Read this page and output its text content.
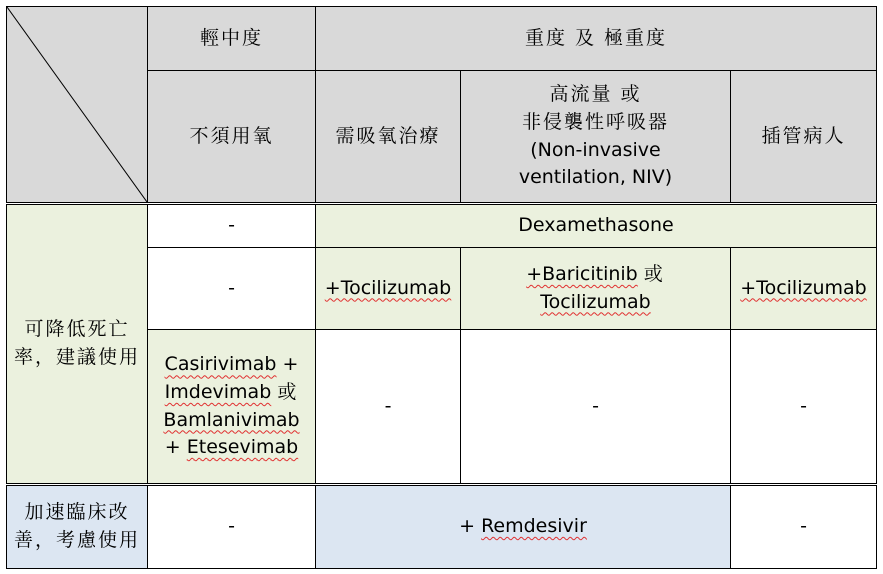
	輕中度	重度 及 極重度		
	不須用氧	需吸氧治療	高流量 或
非侵襲性呼吸器
(Non-invasive
ventilation, NIV)	插管病人

可降低死亡
率，建議使用	-	Dexamethasone		
	-	+Tocilizumab	+Baricitinib 或
Tocilizumab	+Tocilizumab

	Casirivimab +
Imdevimab 或
Bamlanivimab
+ Etesevimab	-	-	-

加速臨床改
善，考慮使用	-	+ Remdesivir		-
